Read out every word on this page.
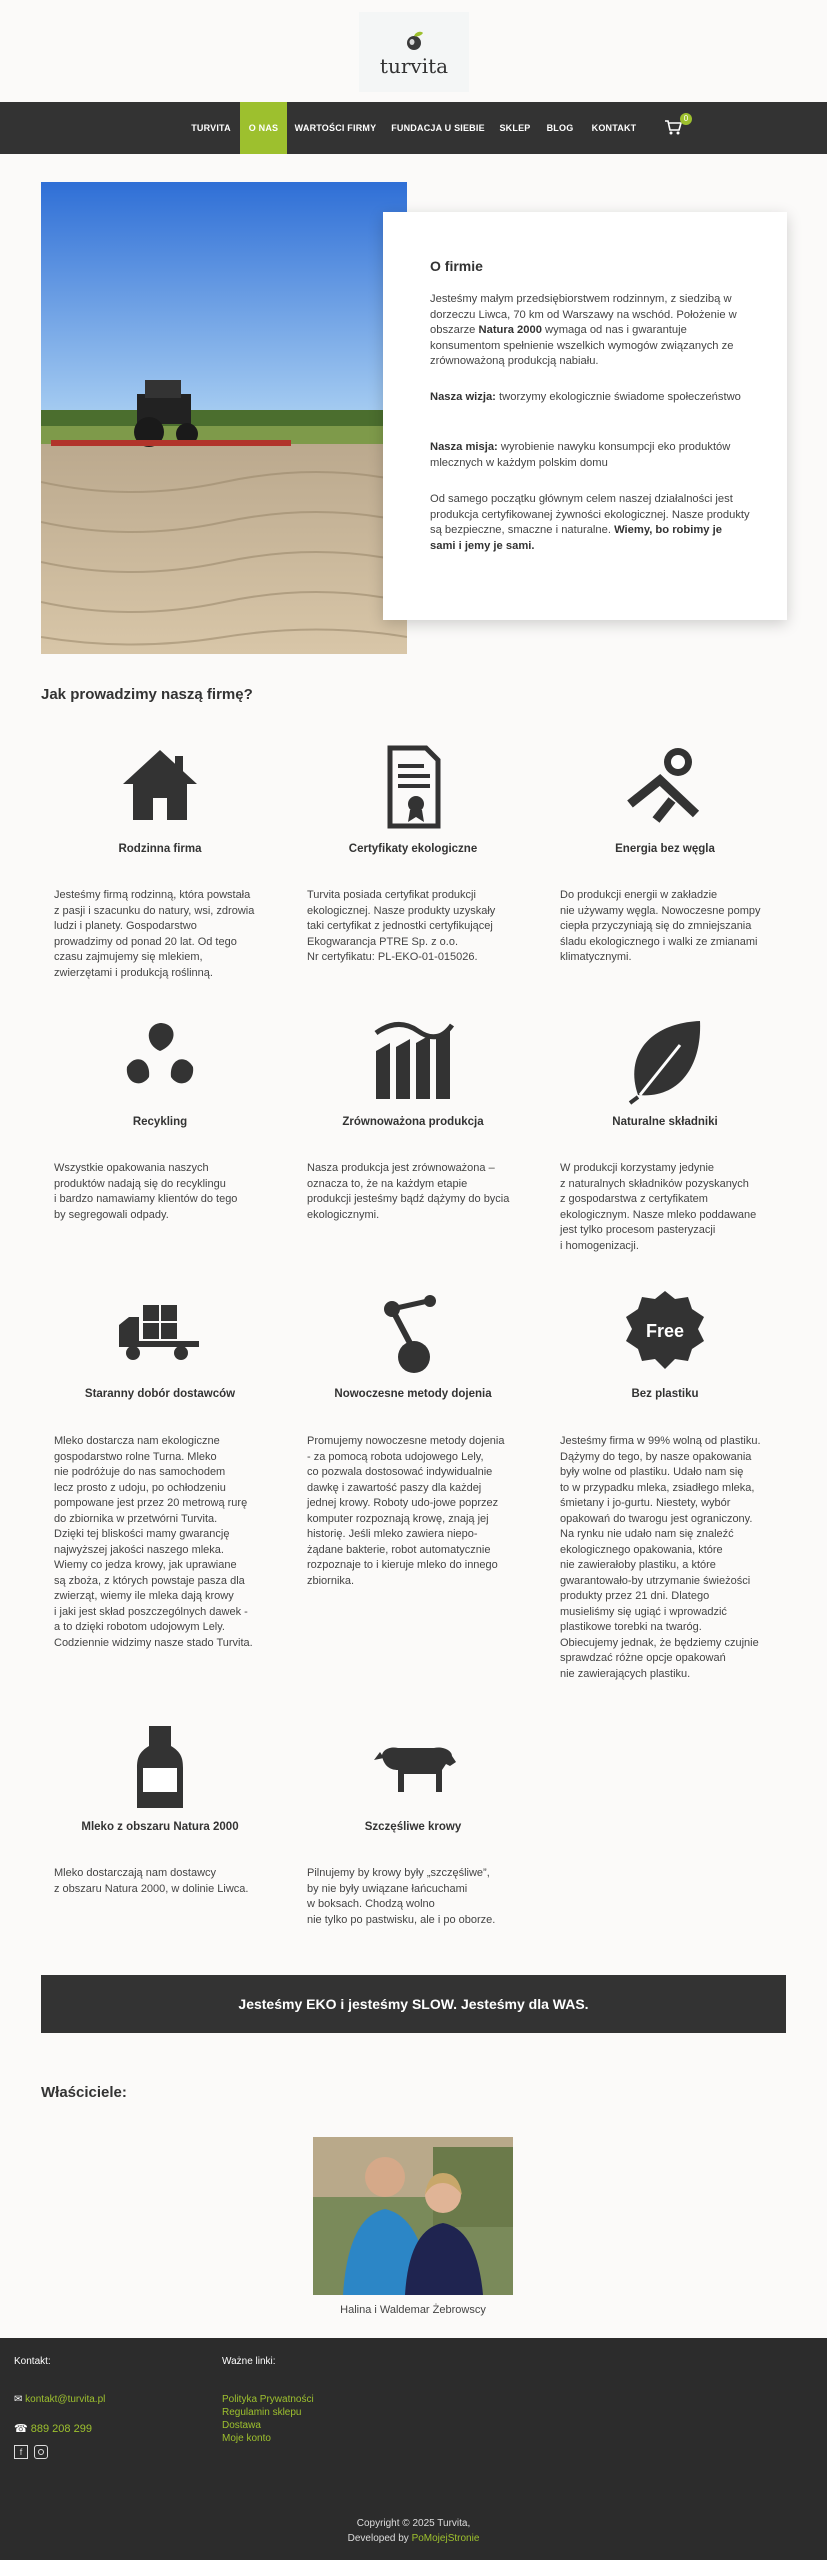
turvita
TURVITA	O NAS	WARTOŚCI FIRMY	FUNDACJA U SIEBIE	SKLEP	BLOG	KONTAKT
0
O firmie

Jesteśmy małym przedsiębiorstwem rodzinnym, z siedzibą w dorzeczu Liwca, 70 km od Warszawy na wschód. Położenie w obszarze Natura 2000 wymaga od nas i gwarantuje konsumentom spełnienie wszelkich wymogów związanych ze zrównoważoną produkcją nabiału.

Nasza wizja: tworzymy ekologicznie świadome społeczeństwo

Nasza misja: wyrobienie nawyku konsumpcji eko produktów mlecznych w każdym polskim domu

Od samego początku głównym celem naszej działalności jest produkcja certyfikowanej żywności ekologicznej. Nasze produkty są bezpieczne, smaczne i naturalne. Wiemy, bo robimy je sami i jemy je sami.

Jak prowadzimy naszą firmę?
Rodzinna firma
Jesteśmy firmą rodzinną, która powstała
z pasji i szacunku do natury, wsi, zdrowia
ludzi i planety. Gospodarstwo
prowadzimy od ponad 20 lat. Od tego
czasu zajmujemy się mlekiem,
zwierzętami i produkcją roślinną.
Certyfikaty ekologiczne
Turvita posiada certyfikat produkcji
ekologicznej. Nasze produkty uzyskały
taki certyfikat z jednostki certyfikującej
Ekogwarancja PTRE Sp. z o.o.
Nr certyfikatu: PL-EKO-01-015026.
Energia bez węgla
Do produkcji energii w zakładzie
nie używamy węgla. Nowoczesne pompy
ciepła przyczyniają się do zmniejszania
śladu ekologicznego i walki ze zmianami
klimatycznymi.
Recykling
Wszystkie opakowania naszych
produktów nadają się do recyklingu
i bardzo namawiamy klientów do tego
by segregowali odpady.
Zrównoważona produkcja
Nasza produkcja jest zrównoważona –
oznacza to, że na każdym etapie
produkcji jesteśmy bądź dążymy do bycia
ekologicznymi.
Naturalne składniki
W produkcji korzystamy jedynie
z naturalnych składników pozyskanych
z gospodarstwa z certyfikatem
ekologicznym. Nasze mleko poddawane
jest tylko procesom pasteryzacji
i homogenizacji.
Staranny dobór dostawców
Mleko dostarcza nam ekologiczne
gospodarstwo rolne Turna. Mleko
nie podróżuje do nas samochodem
lecz prosto z udoju, po ochłodzeniu
pompowane jest przez 20 metrową rurę
do zbiornika w przetwórni Turvita.
Dzięki tej bliskości mamy gwarancję
najwyższej jakości naszego mleka.
Wiemy co jedza krowy, jak uprawiane
są zboża, z których powstaje pasza dla
zwierząt, wiemy ile mleka dają krowy
i jaki jest skład poszczególnych dawek -
a to dzięki robotom udojowym Lely.
Codziennie widzimy nasze stado Turvita.
Nowoczesne metody dojenia
Promujemy nowoczesne metody dojenia
- za pomocą robota udojowego Lely,
co pozwala dostosować indywidualnie
dawkę i zawartość paszy dla każdej
jednej krowy. Roboty udo-jowe poprzez
komputer rozpoznają krowę, znają jej
historię. Jeśli mleko zawiera niepo-
żądane bakterie, robot automatycznie
rozpoznaje to i kieruje mleko do innego
zbiornika.
Free
Bez plastiku
Jesteśmy firma w 99% wolną od plastiku.
Dążymy do tego, by nasze opakowania
były wolne od plastiku. Udało nam się
to w przypadku mleka, zsiadłego mleka,
śmietany i jo-gurtu. Niestety, wybór
opakowań do twarogu jest ograniczony.
Na rynku nie udało nam się znaleźć
ekologicznego opakowania, które
nie zawierałoby plastiku, a które
gwarantowało-by utrzymanie świeżości
produkty przez 21 dni. Dlatego
musieliśmy się ugiąć i wprowadzić
plastikowe torebki na twaróg.
Obiecujemy jednak, że będziemy czujnie
sprawdzać różne opcje opakowań
nie zawierających plastiku.
Mleko z obszaru Natura 2000
Mleko dostarczają nam dostawcy
z obszaru Natura 2000, w dolinie Liwca.
Szczęśliwe krowy
Pilnujemy by krowy były „szczęśliwe”,
by nie były uwiązane łańcuchami
w boksach. Chodzą wolno
nie tylko po pastwisku, ale i po oborze.
Jesteśmy EKO i jesteśmy SLOW. Jesteśmy dla WAS.
Właściciele:
Halina i Waldemar Żebrowscy
Kontakt:
✉ kontakt@turvita.pl
☎ 889 208 299
f
Ważne linki:
Polityka Prywatności
Regulamin sklepu
Dostawa
Moje konto
Copyright © 2025 Turvita,
Developed by PoMojejStronie
